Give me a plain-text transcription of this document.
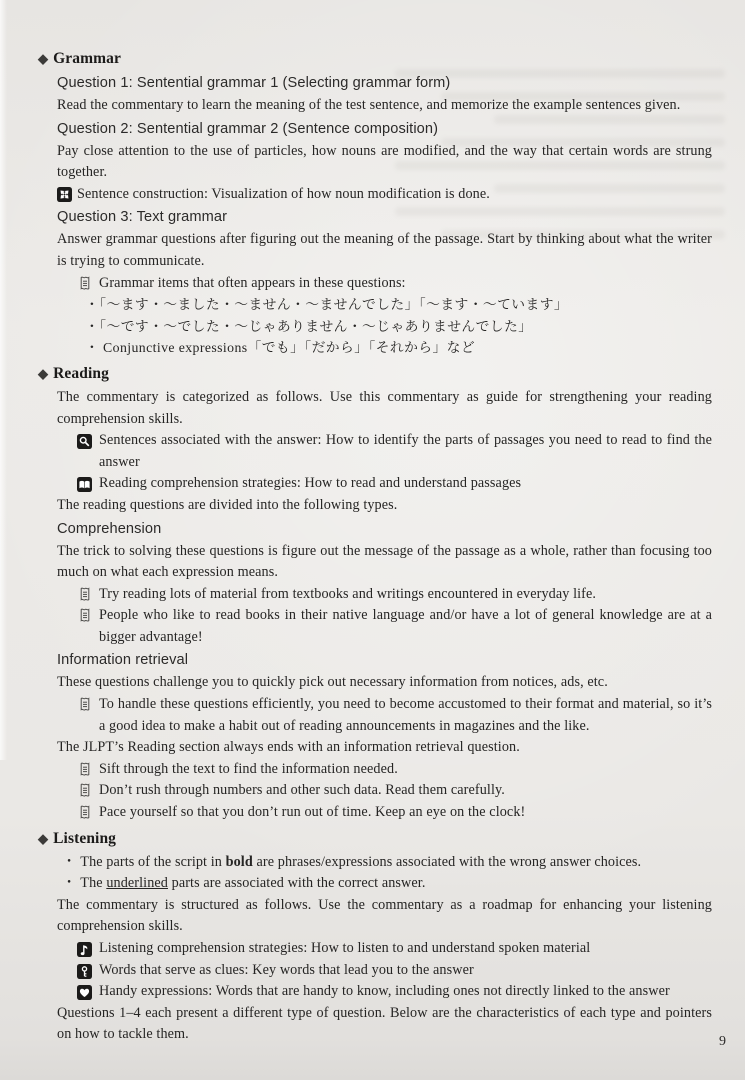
◆ Grammar
Question 1: Sentential grammar 1 (Selecting grammar form)
Read the commentary to learn the meaning of the test sentence, and memorize the example sentences given.
Question 2: Sentential grammar 2 (Sentence composition)
Pay close attention to the use of particles, how nouns are modified, and the way that certain words are strung together.
Sentence construction: Visualization of how noun modification is done.
Question 3: Text grammar
Answer grammar questions after figuring out the meaning of the passage. Start by thinking about what the writer is trying to communicate.
Grammar items that often appears in these questions:
・「〜ます・〜ました・〜ません・〜ませんでした」「〜ます・〜ています」
・「〜です・〜でした・〜じゃありません・〜じゃありませんでした」
・ Conjunctive expressions「でも」「だから」「それから」など
◆ Reading
The commentary is categorized as follows. Use this commentary as guide for strengthening your reading comprehension skills.
Sentences associated with the answer: How to identify the parts of passages you need to read to find the answer
Reading comprehension strategies: How to read and understand passages
The reading questions are divided into the following types.
Comprehension
The trick to solving these questions is figure out the message of the passage as a whole, rather than focusing too much on what each expression means.
Try reading lots of material from textbooks and writings encountered in everyday life.
People who like to read books in their native language and/or have a lot of general knowledge are at a bigger advantage!
Information retrieval
These questions challenge you to quickly pick out necessary information from notices, ads, etc.
To handle these questions efficiently, you need to become accustomed to their format and material, so it’s a good idea to make a habit out of reading announcements in magazines and the like.
The JLPT’s Reading section always ends with an information retrieval question.
Sift through the text to find the information needed.
Don’t rush through numbers and other such data. Read them carefully.
Pace yourself so that you don’t run out of time. Keep an eye on the clock!
◆ Listening
・ The parts of the script in bold are phrases/expressions associated with the wrong answer choices.
・ The underlined parts are associated with the correct answer.
The commentary is structured as follows. Use the commentary as a roadmap for enhancing your listening comprehension skills.
Listening comprehension strategies: How to listen to and understand spoken material
Words that serve as clues: Key words that lead you to the answer
Handy expressions: Words that are handy to know, including ones not directly linked to the answer
Questions 1–4 each present a different type of question. Below are the characteristics of each type and pointers on how to tackle them.	9
